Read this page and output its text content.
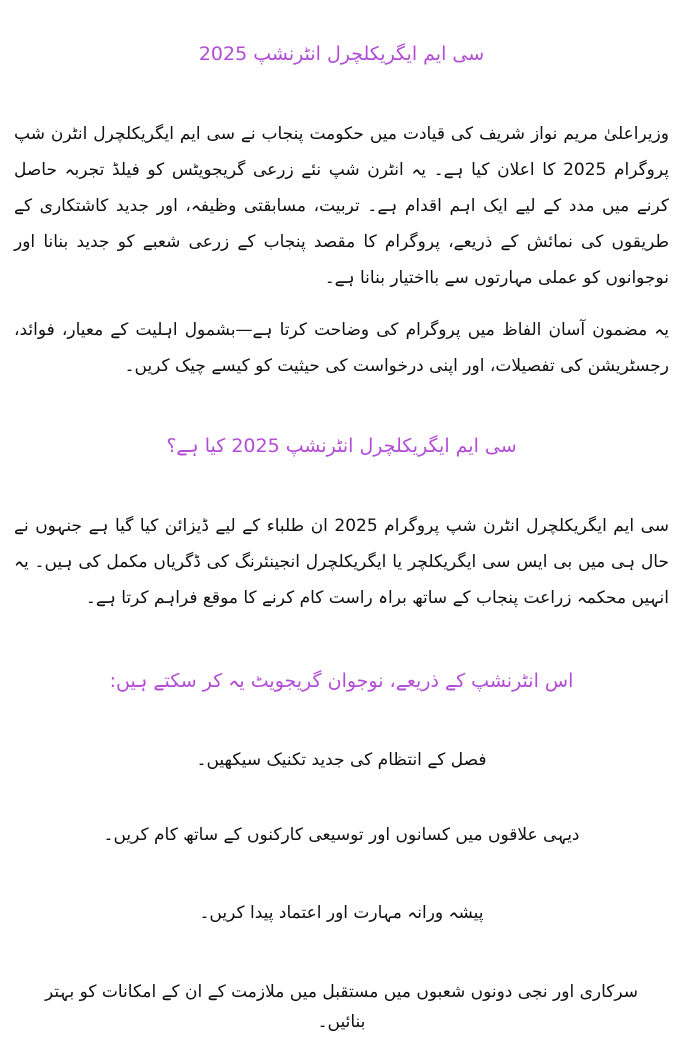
سی ایم ایگریکلچرل انٹرنشپ 2025

وزیراعلیٰ مریم نواز شریف کی قیادت میں حکومت پنجاب نے سی ایم ایگریکلچرل انٹرن شپ پروگرام 2025 کا اعلان کیا ہے۔ یہ انٹرن شپ نئے زرعی گریجویٹس کو فیلڈ تجربہ حاصل کرنے میں مدد کے لیے ایک اہم اقدام ہے۔ تربیت، مسابقتی وظیفہ، اور جدید کاشتکاری کے طریقوں کی نمائش کے ذریعے، پروگرام کا مقصد پنجاب کے زرعی شعبے کو جدید بنانا اور نوجوانوں کو عملی مہارتوں سے بااختیار بنانا ہے۔

یہ مضمون آسان الفاظ میں پروگرام کی وضاحت کرتا ہے—بشمول اہلیت کے معیار، فوائد، رجسٹریشن کی تفصیلات، اور اپنی درخواست کی حیثیت کو کیسے چیک کریں۔

سی ایم ایگریکلچرل انٹرنشپ 2025 کیا ہے؟

سی ایم ایگریکلچرل انٹرن شپ پروگرام 2025 ان طلباء کے لیے ڈیزائن کیا گیا ہے جنہوں نے حال ہی میں بی ایس سی ایگریکلچر یا ایگریکلچرل انجینئرنگ کی ڈگریاں مکمل کی ہیں۔ یہ انہیں محکمہ زراعت پنجاب کے ساتھ براہ راست کام کرنے کا موقع فراہم کرتا ہے۔

اس انٹرنشپ کے ذریعے، نوجوان گریجویٹ یہ کر سکتے ہیں:

فصل کے انتظام کی جدید تکنیک سیکھیں۔

دیہی علاقوں میں کسانوں اور توسیعی کارکنوں کے ساتھ کام کریں۔

پیشہ ورانہ مہارت اور اعتماد پیدا کریں۔

سرکاری اور نجی دونوں شعبوں میں مستقبل میں ملازمت کے ان کے امکانات کو بہتر بنائیں۔
